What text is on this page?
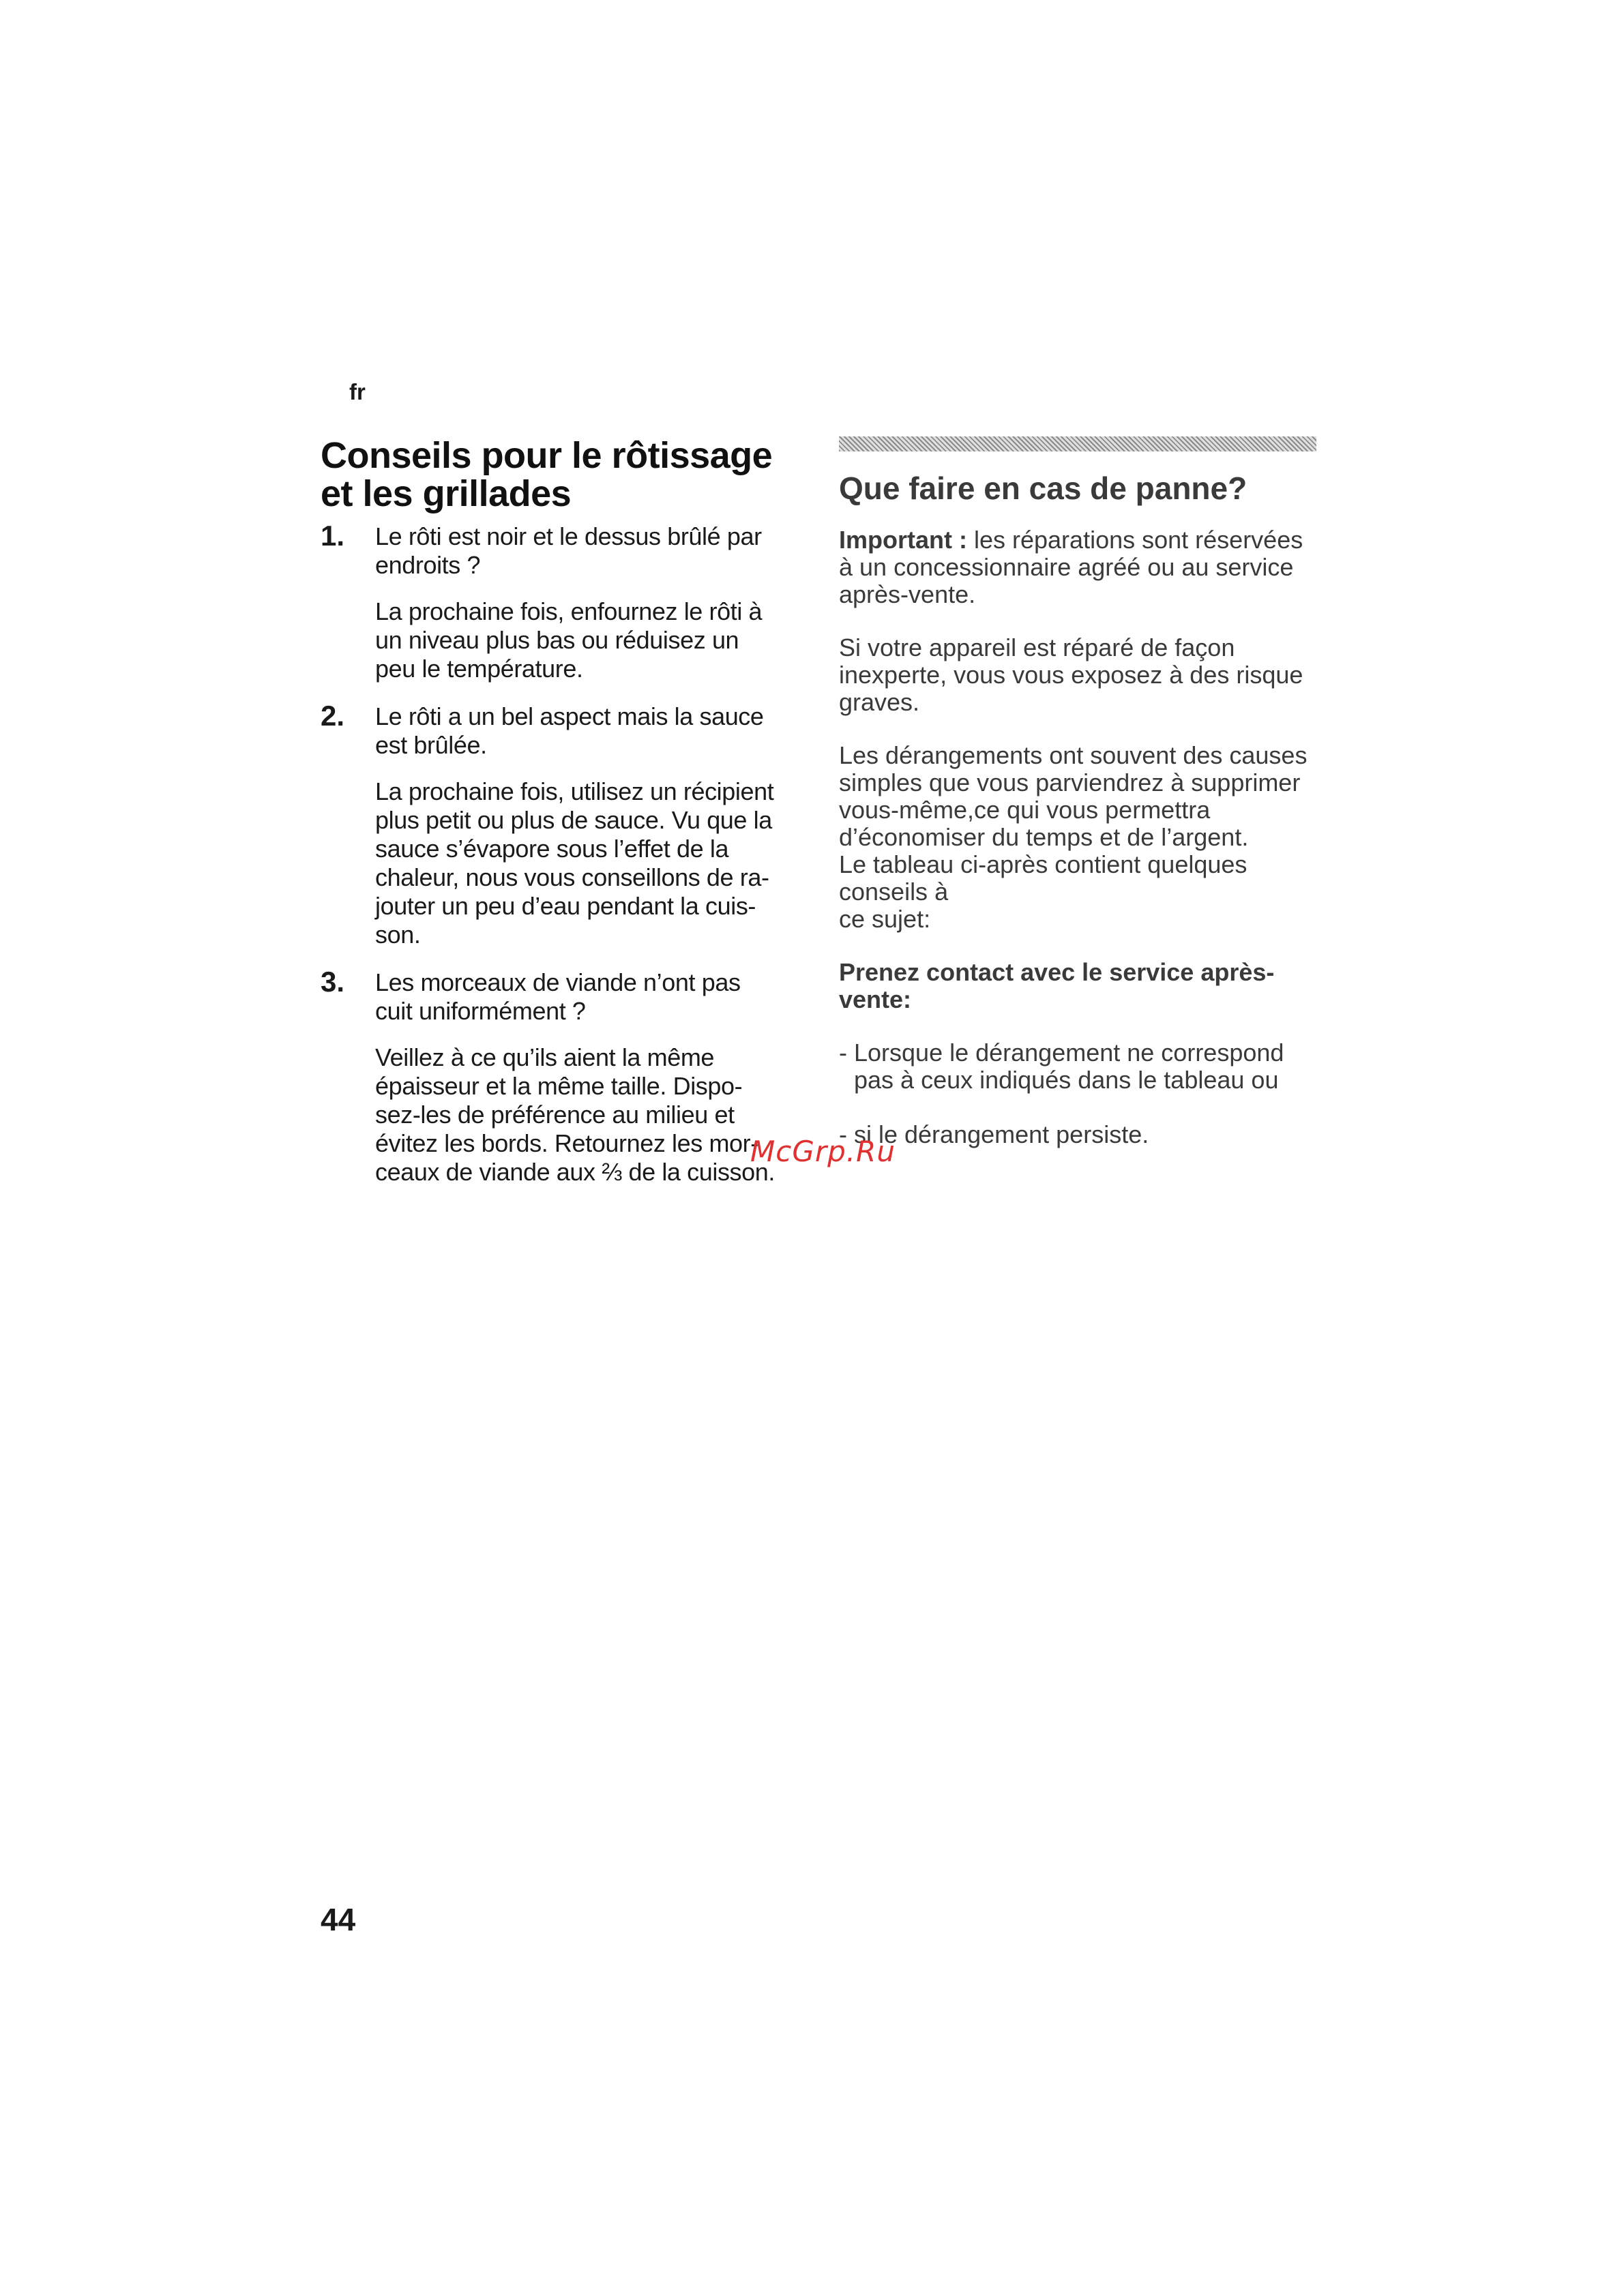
fr
Conseils pour le rôtissage
et les grillades
1. Le rôti est noir et le dessus brûlé par
endroits ?
La prochaine fois, enfournez le rôti à
un niveau plus bas ou réduisez un
peu le température.
2. Le rôti a un bel aspect mais la sauce
est brûlée.
La prochaine fois, utilisez un récipient
plus petit ou plus de sauce. Vu que la
sauce s’évapore sous l’effet de la
chaleur, nous vous conseillons de ra-
jouter un peu d’eau pendant la cuis-
son.
3. Les morceaux de viande n’ont pas
cuit uniformément ?
Veillez à ce qu’ils aient la même
épaisseur et la même taille. Dispo-
sez-les de préférence au milieu et
évitez les bords. Retournez les mor-
ceaux de viande aux ⅔ de la cuisson.
Que faire en cas de panne?

Important : les réparations sont réservées
à un concessionnaire agréé ou au service
après-vente.

Si votre appareil est réparé de façon
inexperte, vous vous exposez à des risque
graves.

Les dérangements ont souvent des causes
simples que vous parviendrez à supprimer
vous-même,ce qui vous permettra
d’économiser du temps et de l’argent.
Le tableau ci-après contient quelques
conseils à
ce sujet:

Prenez contact avec le service après-
vente:
- Lorsque le dérangement ne correspond
pas à ceux indiqués dans le tableau ou
- si le dérangement persiste.
McGrp.Ru
44
